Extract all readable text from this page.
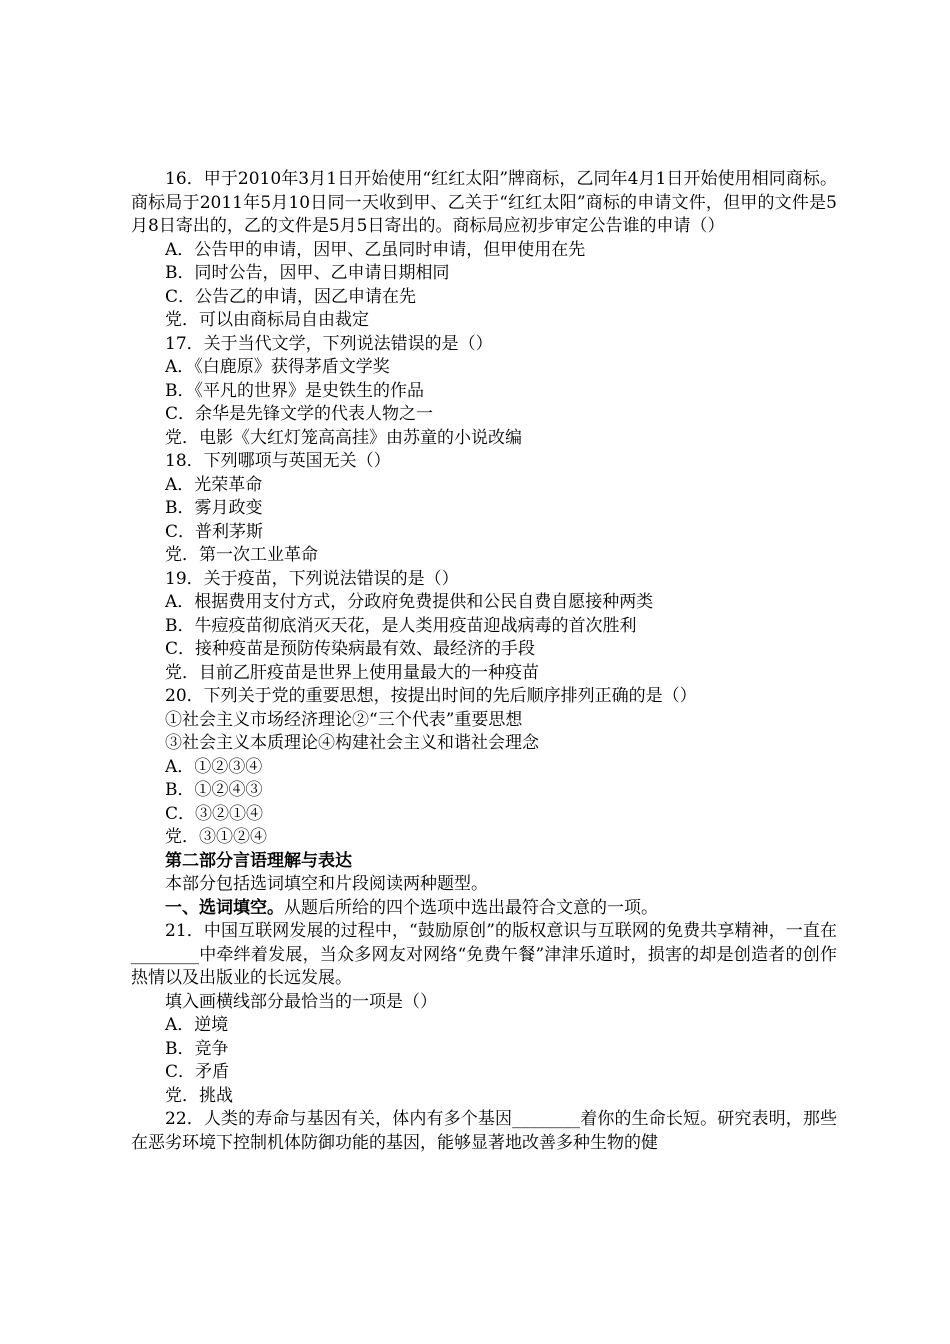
16．甲于2010年3月1日开始使用“红红太阳”牌商标，乙同年4月1日开始使用相同商标。商标局于2011年5月10日同一天收到甲、乙关于“红红太阳”商标的申请文件，但甲的文件是5月8日寄出的，乙的文件是5月5日寄出的。商标局应初步审定公告谁的申请（）

A．公告甲的申请，因甲、乙虽同时申请，但甲使用在先

B．同时公告，因甲、乙申请日期相同

C．公告乙的申请，因乙申请在先

党．可以由商标局自由裁定

17．关于当代文学，下列说法错误的是（）

A．《白鹿原》获得茅盾文学奖

B．《平凡的世界》是史铁生的作品

C．余华是先锋文学的代表人物之一

党．电影《大红灯笼高高挂》由苏童的小说改编

18．下列哪项与英国无关（）

A．光荣革命

B．雾月政变

C．普利茅斯

党．第一次工业革命

19．关于疫苗，下列说法错误的是（）

A．根据费用支付方式，分政府免费提供和公民自费自愿接种两类

B．牛痘疫苗彻底消灭天花，是人类用疫苗迎战病毒的首次胜利

C．接种疫苗是预防传染病最有效、最经济的手段

党．目前乙肝疫苗是世界上使用量最大的一种疫苗

20．下列关于党的重要思想，按提出时间的先后顺序排列正确的是（）

①社会主义市场经济理论②“三个代表”重要思想

③社会主义本质理论④构建社会主义和谐社会理念

A．①②③④

B．①②④③

C．③②①④

党．③①②④

第二部分言语理解与表达

本部分包括选词填空和片段阅读两种题型。

一、选词填空。从题后所给的四个选项中选出最符合文意的一项。

21．中国互联网发展的过程中，“鼓励原创”的版权意识与互联网的免费共享精神，一直在________中牵绊着发展，当众多网友对网络“免费午餐”津津乐道时，损害的却是创造者的创作热情以及出版业的长远发展。

填入画横线部分最恰当的一项是（）

A．逆境

B．竞争

C．矛盾

党．挑战

22．人类的寿命与基因有关，体内有多个基因________着你的生命长短。研究表明，那些在恶劣环境下控制机体防御功能的基因，能够显著地改善多种生物的健
